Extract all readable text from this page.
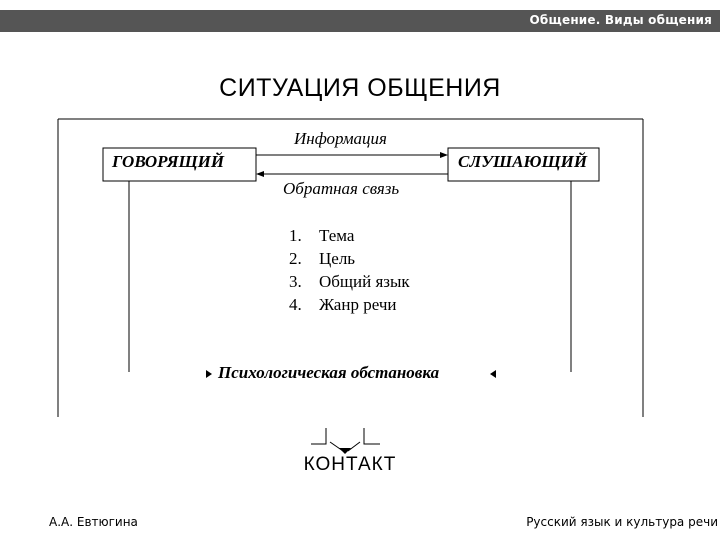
Общение. Виды общения
СИТУАЦИЯ ОБЩЕНИЯ
ГОВОРЯЩИЙ	СЛУШАЮЩИЙ
Информация
Обратная связь
1. Тема
2. Цель
3. Общий язык
4. Жанр речи
Психологическая обстановка
КОНТАКТ
А.А. Евтюгина	Русский язык и культура речи
